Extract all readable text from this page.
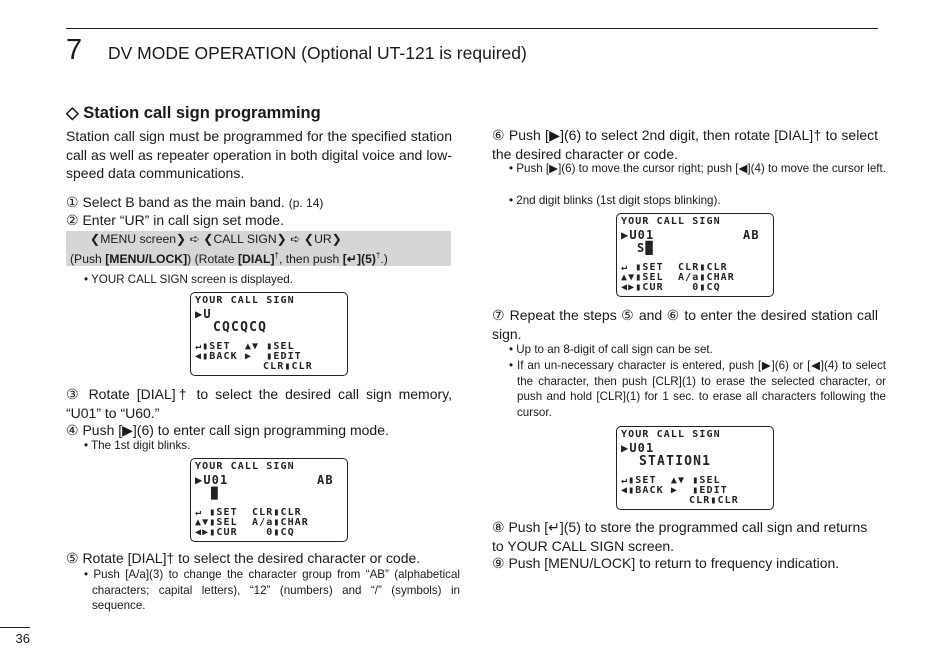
7 DV MODE OPERATION (Optional UT-121 is required)
◇ Station call sign programming
Station call sign must be programmed for the specified station call as well as repeater operation in both digital voice and low-speed data communications.
① Select B band as the main band. (p. 14)
② Enter “UR” in call sign set mode.
❮MENU screen❯ ➪ ❮CALL SIGN❯ ➪ ❮UR❯
(Push [MENU/LOCK]) (Rotate [DIAL]†, then push [↵](5)†.)
• YOUR CALL SIGN screen is displayed.
YOUR CALL SIGN
▶U
CQCQCQ
↵▮SET  ▲▼ ▮SEL
◀▮BACK ▶  ▮EDIT
CLR▮CLR
③ Rotate [DIAL]† to select the desired call sign memory, “U01” to “U60.”
④ Push [▶](6) to enter call sign programming mode.
• The 1st digit blinks.
YOUR CALL SIGN
▶U01	AB
█
↵ ▮SET  CLR▮CLR
▲▼▮SEL  A/a▮CHAR
◀▶▮CUR    0▮CQ
⑤ Rotate [DIAL]† to select the desired character or code.
• Push [A/a](3) to change the character group from “AB” (alphabetical characters; capital letters), “12” (numbers) and “/” (symbols) in sequence.
⑥ Push [▶](6) to select 2nd digit, then rotate [DIAL]† to select the desired character or code.
• Push [▶](6) to move the cursor right; push [◀](4) to move the cursor left.
• 2nd digit blinks (1st digit stops blinking).
YOUR CALL SIGN
▶U01	AB
S█
↵ ▮SET  CLR▮CLR
▲▼▮SEL  A/a▮CHAR
◀▶▮CUR    0▮CQ
⑦ Repeat the steps ⑤ and ⑥ to enter the desired station call sign.
• Up to an 8-digit of call sign can be set.
• If an un-necessary character is entered, push [▶](6) or [◀](4) to select the character, then push [CLR](1) to erase the selected character, or push and hold [CLR](1) for 1 sec. to erase all characters following the cursor.
YOUR CALL SIGN
▶U01
STATION1
↵▮SET  ▲▼ ▮SEL
◀▮BACK ▶  ▮EDIT
CLR▮CLR
⑧ Push [↵](5) to store the programmed call sign and returns to YOUR CALL SIGN screen.
⑨ Push [MENU/LOCK] to return to frequency indication.
36
